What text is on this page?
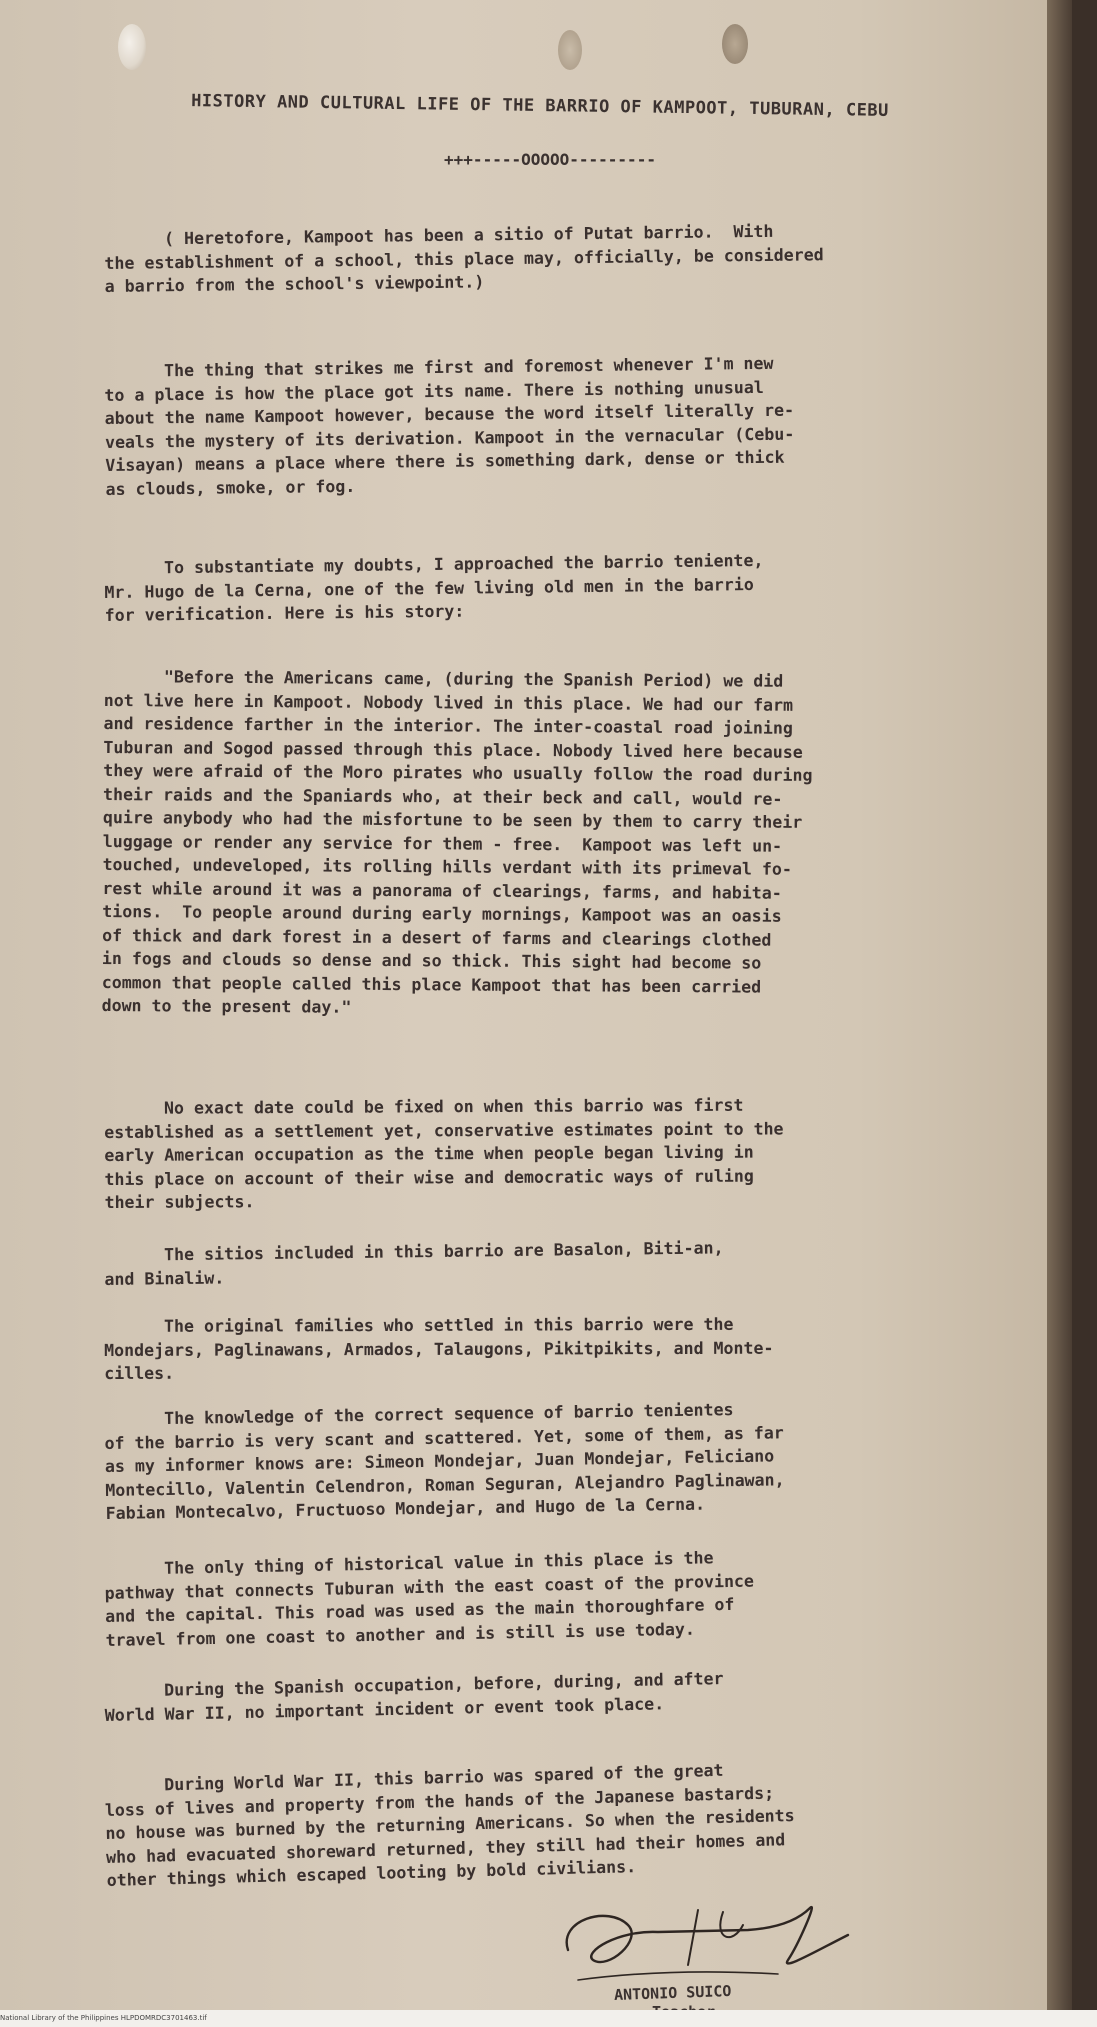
HISTORY AND CULTURAL LIFE OF THE BARRIO OF KAMPOOT, TUBURAN, CEBU
+++-----OOOOO---------

( Heretofore, Kampoot has been a sitio of Putat barrio.  With
the establishment of a school, this place may, officially, be considered
a barrio from the school's viewpoint.)

The thing that strikes me first and foremost whenever I'm new
to a place is how the place got its name. There is nothing unusual
about the name Kampoot however, because the word itself literally re-
veals the mystery of its derivation. Kampoot in the vernacular (Cebu-
Visayan) means a place where there is something dark, dense or thick
as clouds, smoke, or fog.

To substantiate my doubts, I approached the barrio teniente,
Mr. Hugo de la Cerna, one of the few living old men in the barrio
for verification. Here is his story:

"Before the Americans came, (during the Spanish Period) we did
not live here in Kampoot. Nobody lived in this place. We had our farm
and residence farther in the interior. The inter-coastal road joining
Tuburan and Sogod passed through this place. Nobody lived here because
they were afraid of the Moro pirates who usually follow the road during
their raids and the Spaniards who, at their beck and call, would re-
quire anybody who had the misfortune to be seen by them to carry their
luggage or render any service for them - free.  Kampoot was left un-
touched, undeveloped, its rolling hills verdant with its primeval fo-
rest while around it was a panorama of clearings, farms, and habita-
tions.  To people around during early mornings, Kampoot was an oasis
of thick and dark forest in a desert of farms and clearings clothed
in fogs and clouds so dense and so thick. This sight had become so
common that people called this place Kampoot that has been carried
down to the present day."

No exact date could be fixed on when this barrio was first
established as a settlement yet, conservative estimates point to the
early American occupation as the time when people began living in
this place on account of their wise and democratic ways of ruling
their subjects.

The sitios included in this barrio are Basalon, Biti-an,
and Binaliw.

The original families who settled in this barrio were the
Mondejars, Paglinawans, Armados, Talaugons, Pikitpikits, and Monte-
cilles.

The knowledge of the correct sequence of barrio tenientes
of the barrio is very scant and scattered. Yet, some of them, as far
as my informer knows are: Simeon Mondejar, Juan Mondejar, Feliciano
Montecillo, Valentin Celendron, Roman Seguran, Alejandro Paglinawan,
Fabian Montecalvo, Fructuoso Mondejar, and Hugo de la Cerna.

The only thing of historical value in this place is the
pathway that connects Tuburan with the east coast of the province
and the capital. This road was used as the main thoroughfare of
travel from one coast to another and is still is use today.

During the Spanish occupation, before, during, and after
World War II, no important incident or event took place.

During World War II, this barrio was spared of the great
loss of lives and property from the hands of the Japanese bastards;
no house was burned by the returning Americans. So when the residents
who had evacuated shoreward returned, they still had their homes and
other things which escaped looting by bold civilians.

ANTONIO SUICO
National Library of the Philippines HLPDOMRDC3701463.tif
